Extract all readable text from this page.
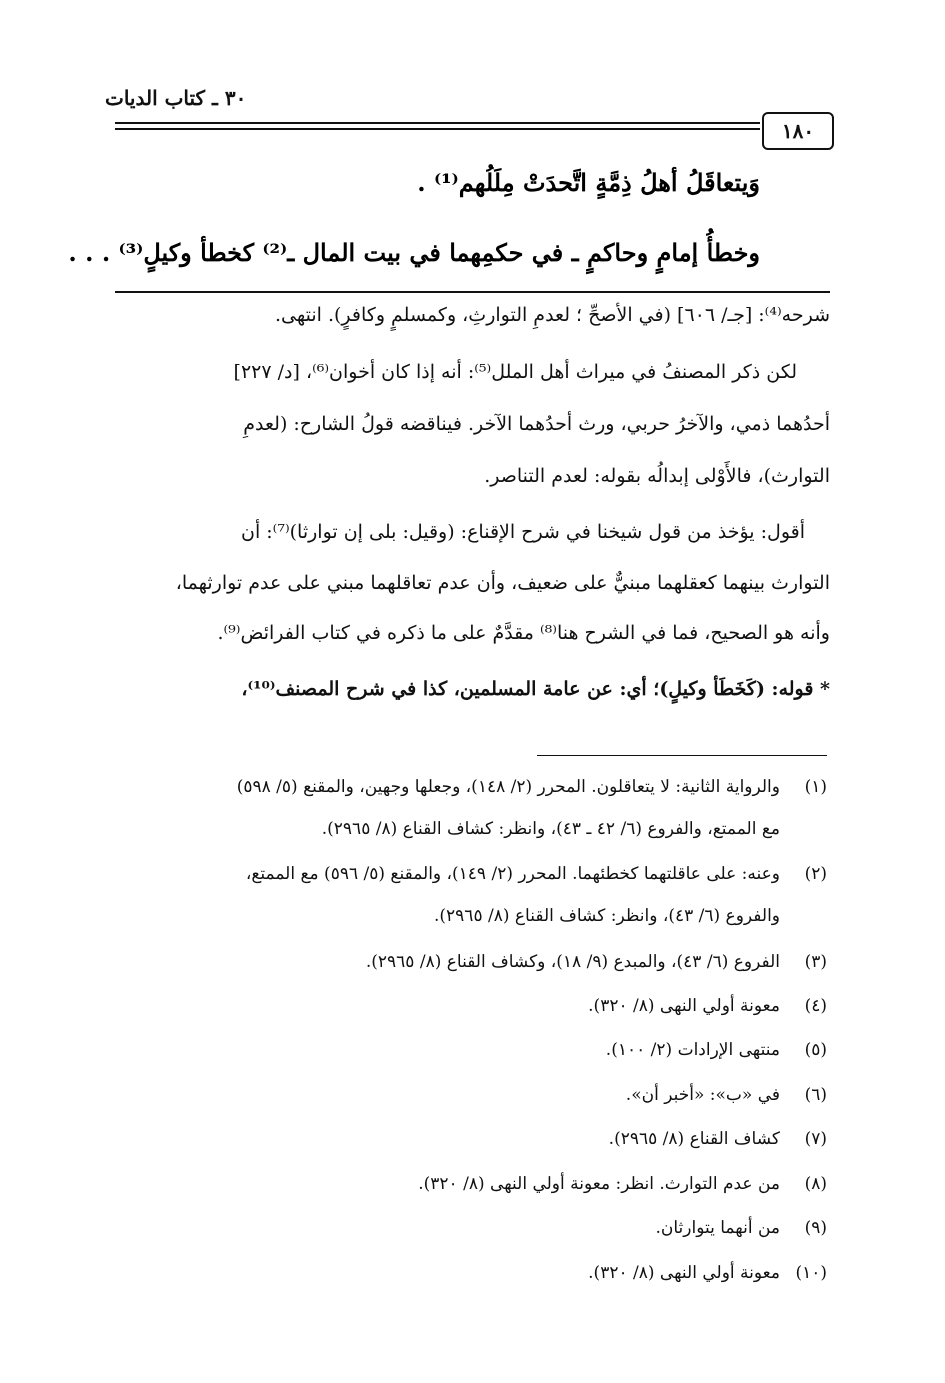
٣٠ ـ كتاب الديات
١٨٠
وَيتعاقَلُ أهلُ ذِمَّةٍ اتَّحدَتْ مِلَلُهم⁽¹⁾ .
وخطأُ إمامٍ وحاكمٍ ـ في حكمِهما في بيت المال ـ⁽²⁾ كخطأ وكيلٍ⁽³⁾ . . .
شرحه⁽⁴⁾: [جـ/ ٦٠٦] (في الأصحِّ ؛ لعدمِ التوارثِ، وكمسلمٍ وكافرٍ). انتهى.
لكن ذكر المصنفُ في ميراث أهل الملل⁽⁵⁾: أنه إذا كان أخوان⁽⁶⁾، [د/ ٢٢٧]
أحدُهما ذمي، والآخرُ حربي، ورث أحدُهما الآخر. فيناقضه قولُ الشارح: (لعدمِ
التوارث)، فالأَوْلى إبدالُه بقوله: لعدم التناصر.
أقول: يؤخذ من قول شيخنا في شرح الإقناع: (وقيل: بلى إن توارثا)⁽⁷⁾: أن
التوارث بينهما كعقلهما مبنيٌّ على ضعيف، وأن عدم تعاقلهما مبني على عدم توارثهما،
وأنه هو الصحيح، فما في الشرح هنا⁽⁸⁾ مقدَّمٌ على ما ذكره في كتاب الفرائض⁽⁹⁾.
* قوله: (كَخَطَأ وكيلٍ)؛ أي: عن عامة المسلمين، كذا في شرح المصنف⁽¹⁰⁾،
(١)
والرواية الثانية: لا يتعاقلون. المحرر (٢/ ١٤٨)، وجعلها وجهين، والمقنع (٥/ ٥٩٨)
مع الممتع، والفروع (٦/ ٤٢ ـ ٤٣)، وانظر: كشاف القناع (٨/ ٢٩٦٥).
(٢)
وعنه: على عاقلتهما كخطئهما. المحرر (٢/ ١٤٩)، والمقنع (٥/ ٥٩٦) مع الممتع،
والفروع (٦/ ٤٣)، وانظر: كشاف القناع (٨/ ٢٩٦٥).
(٣)
الفروع (٦/ ٤٣)، والمبدع (٩/ ١٨)، وكشاف القناع (٨/ ٢٩٦٥).
(٤)
معونة أولي النهى (٨/ ٣٢٠).
(٥)
منتهى الإرادات (٢/ ١٠٠).
(٦)
في «ب»: «أخبر أن».
(٧)
كشاف القناع (٨/ ٢٩٦٥).
(٨)
من عدم التوارث. انظر: معونة أولي النهى (٨/ ٣٢٠).
(٩)
من أنهما يتوارثان.
(١٠)
معونة أولي النهى (٨/ ٣٢٠).
